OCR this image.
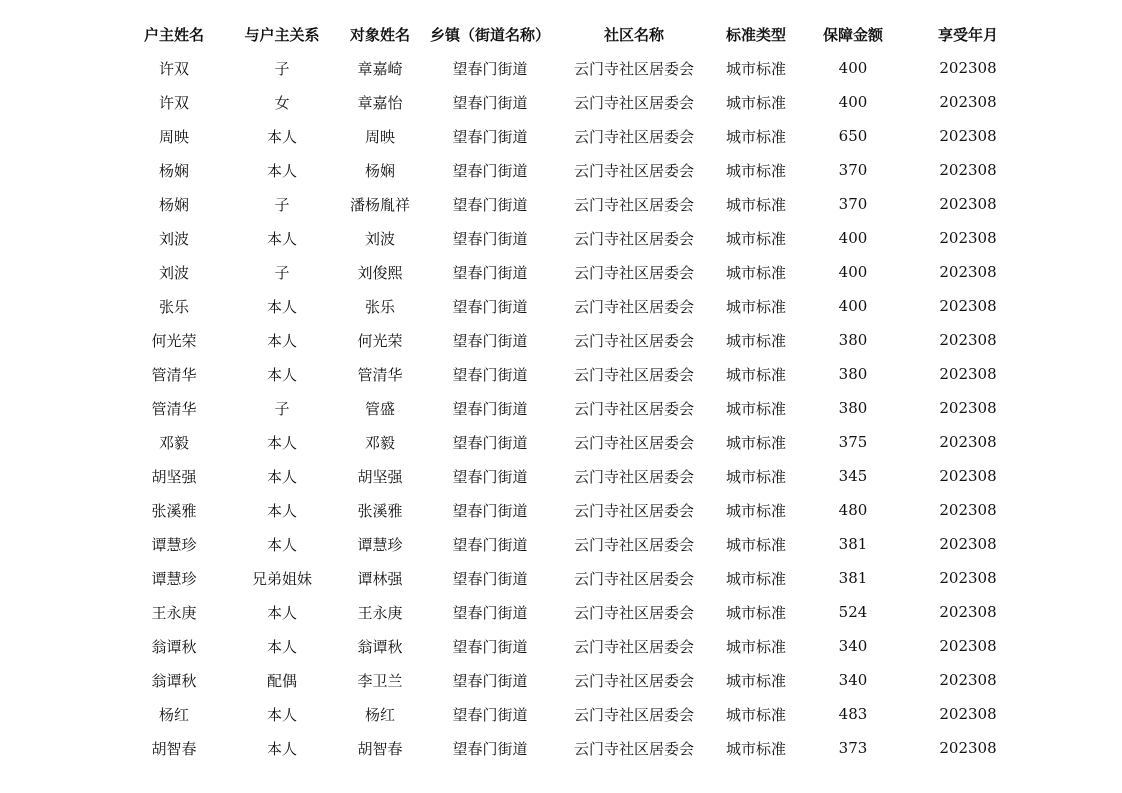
户主姓名	与户主关系	对象姓名	乡镇（街道名称）	社区名称	标准类型	保障金额	享受年月
许双	子	章嘉崎	望春门街道	云门寺社区居委会	城市标准	400	202308
许双	女	章嘉怡	望春门街道	云门寺社区居委会	城市标准	400	202308
周映	本人	周映	望春门街道	云门寺社区居委会	城市标准	650	202308
杨娴	本人	杨娴	望春门街道	云门寺社区居委会	城市标准	370	202308
杨娴	子	潘杨胤祥	望春门街道	云门寺社区居委会	城市标准	370	202308
刘波	本人	刘波	望春门街道	云门寺社区居委会	城市标准	400	202308
刘波	子	刘俊熙	望春门街道	云门寺社区居委会	城市标准	400	202308
张乐	本人	张乐	望春门街道	云门寺社区居委会	城市标准	400	202308
何光荣	本人	何光荣	望春门街道	云门寺社区居委会	城市标准	380	202308
管清华	本人	管清华	望春门街道	云门寺社区居委会	城市标准	380	202308
管清华	子	管盛	望春门街道	云门寺社区居委会	城市标准	380	202308
邓毅	本人	邓毅	望春门街道	云门寺社区居委会	城市标准	375	202308
胡坚强	本人	胡坚强	望春门街道	云门寺社区居委会	城市标准	345	202308
张溪雅	本人	张溪雅	望春门街道	云门寺社区居委会	城市标准	480	202308
谭慧珍	本人	谭慧珍	望春门街道	云门寺社区居委会	城市标准	381	202308
谭慧珍	兄弟姐妹	谭林强	望春门街道	云门寺社区居委会	城市标准	381	202308
王永庚	本人	王永庚	望春门街道	云门寺社区居委会	城市标准	524	202308
翁谭秋	本人	翁谭秋	望春门街道	云门寺社区居委会	城市标准	340	202308
翁谭秋	配偶	李卫兰	望春门街道	云门寺社区居委会	城市标准	340	202308
杨红	本人	杨红	望春门街道	云门寺社区居委会	城市标准	483	202308
胡智春	本人	胡智春	望春门街道	云门寺社区居委会	城市标准	373	202308
